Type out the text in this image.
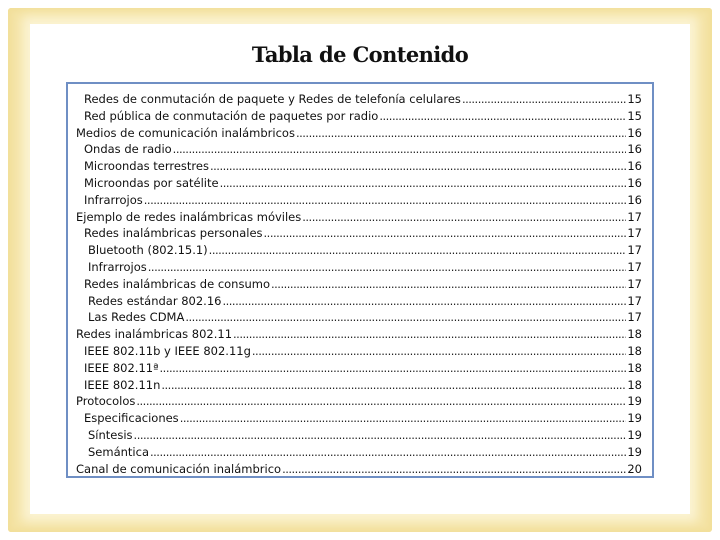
Tabla de Contenido
Redes de conmutación de paquete y Redes de telefonía celulares .....	15
Red pública de conmutación de paquetes por radio .....	15
Medios de comunicación inalámbricos .....	16
Ondas de radio .....	16
Microondas terrestres .....	16
Microondas por satélite .....	16
Infrarrojos .....	16
Ejemplo de redes inalámbricas móviles .....	17
Redes inalámbricas personales .....	17
Bluetooth (802.15.1) .....	17
Infrarrojos .....	17
Redes inalámbricas de consumo .....	17
Redes estándar 802.16 .....	17
Las Redes CDMA .....	17
Redes inalámbricas 802.11 .....	18
IEEE 802.11b y IEEE 802.11g .....	18
IEEE 802.11ª .....	18
IEEE 802.11n .....	18
Protocolos .....	19
Especificaciones .....	19
Síntesis .....	19
Semántica .....	19
Canal de comunicación inalámbrico .....	20
